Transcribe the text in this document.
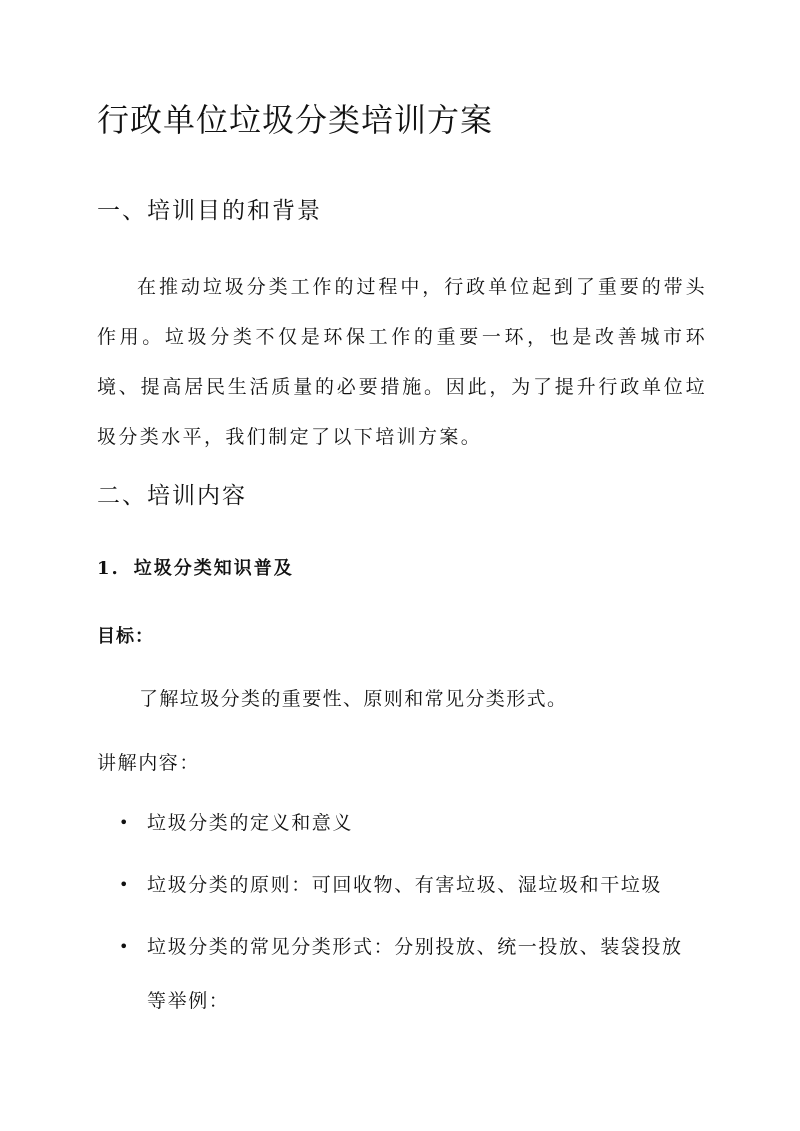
行政单位垃圾分类培训方案
一、培训目的和背景

在推动垃圾分类工作的过程中，行政单位起到了重要的带头作用。垃圾分类不仅是环保工作的重要一环，也是改善城市环境、提高居民生活质量的必要措施。因此，为了提升行政单位垃圾分类水平，我们制定了以下培训方案。

二、培训内容
1. 垃圾分类知识普及
目标：
了解垃圾分类的重要性、原则和常见分类形式。
讲解内容：
• 垃圾分类的定义和意义
• 垃圾分类的原则：可回收物、有害垃圾、湿垃圾和干垃圾
• 垃圾分类的常见分类形式：分别投放、统一投放、装袋投放等举例：
